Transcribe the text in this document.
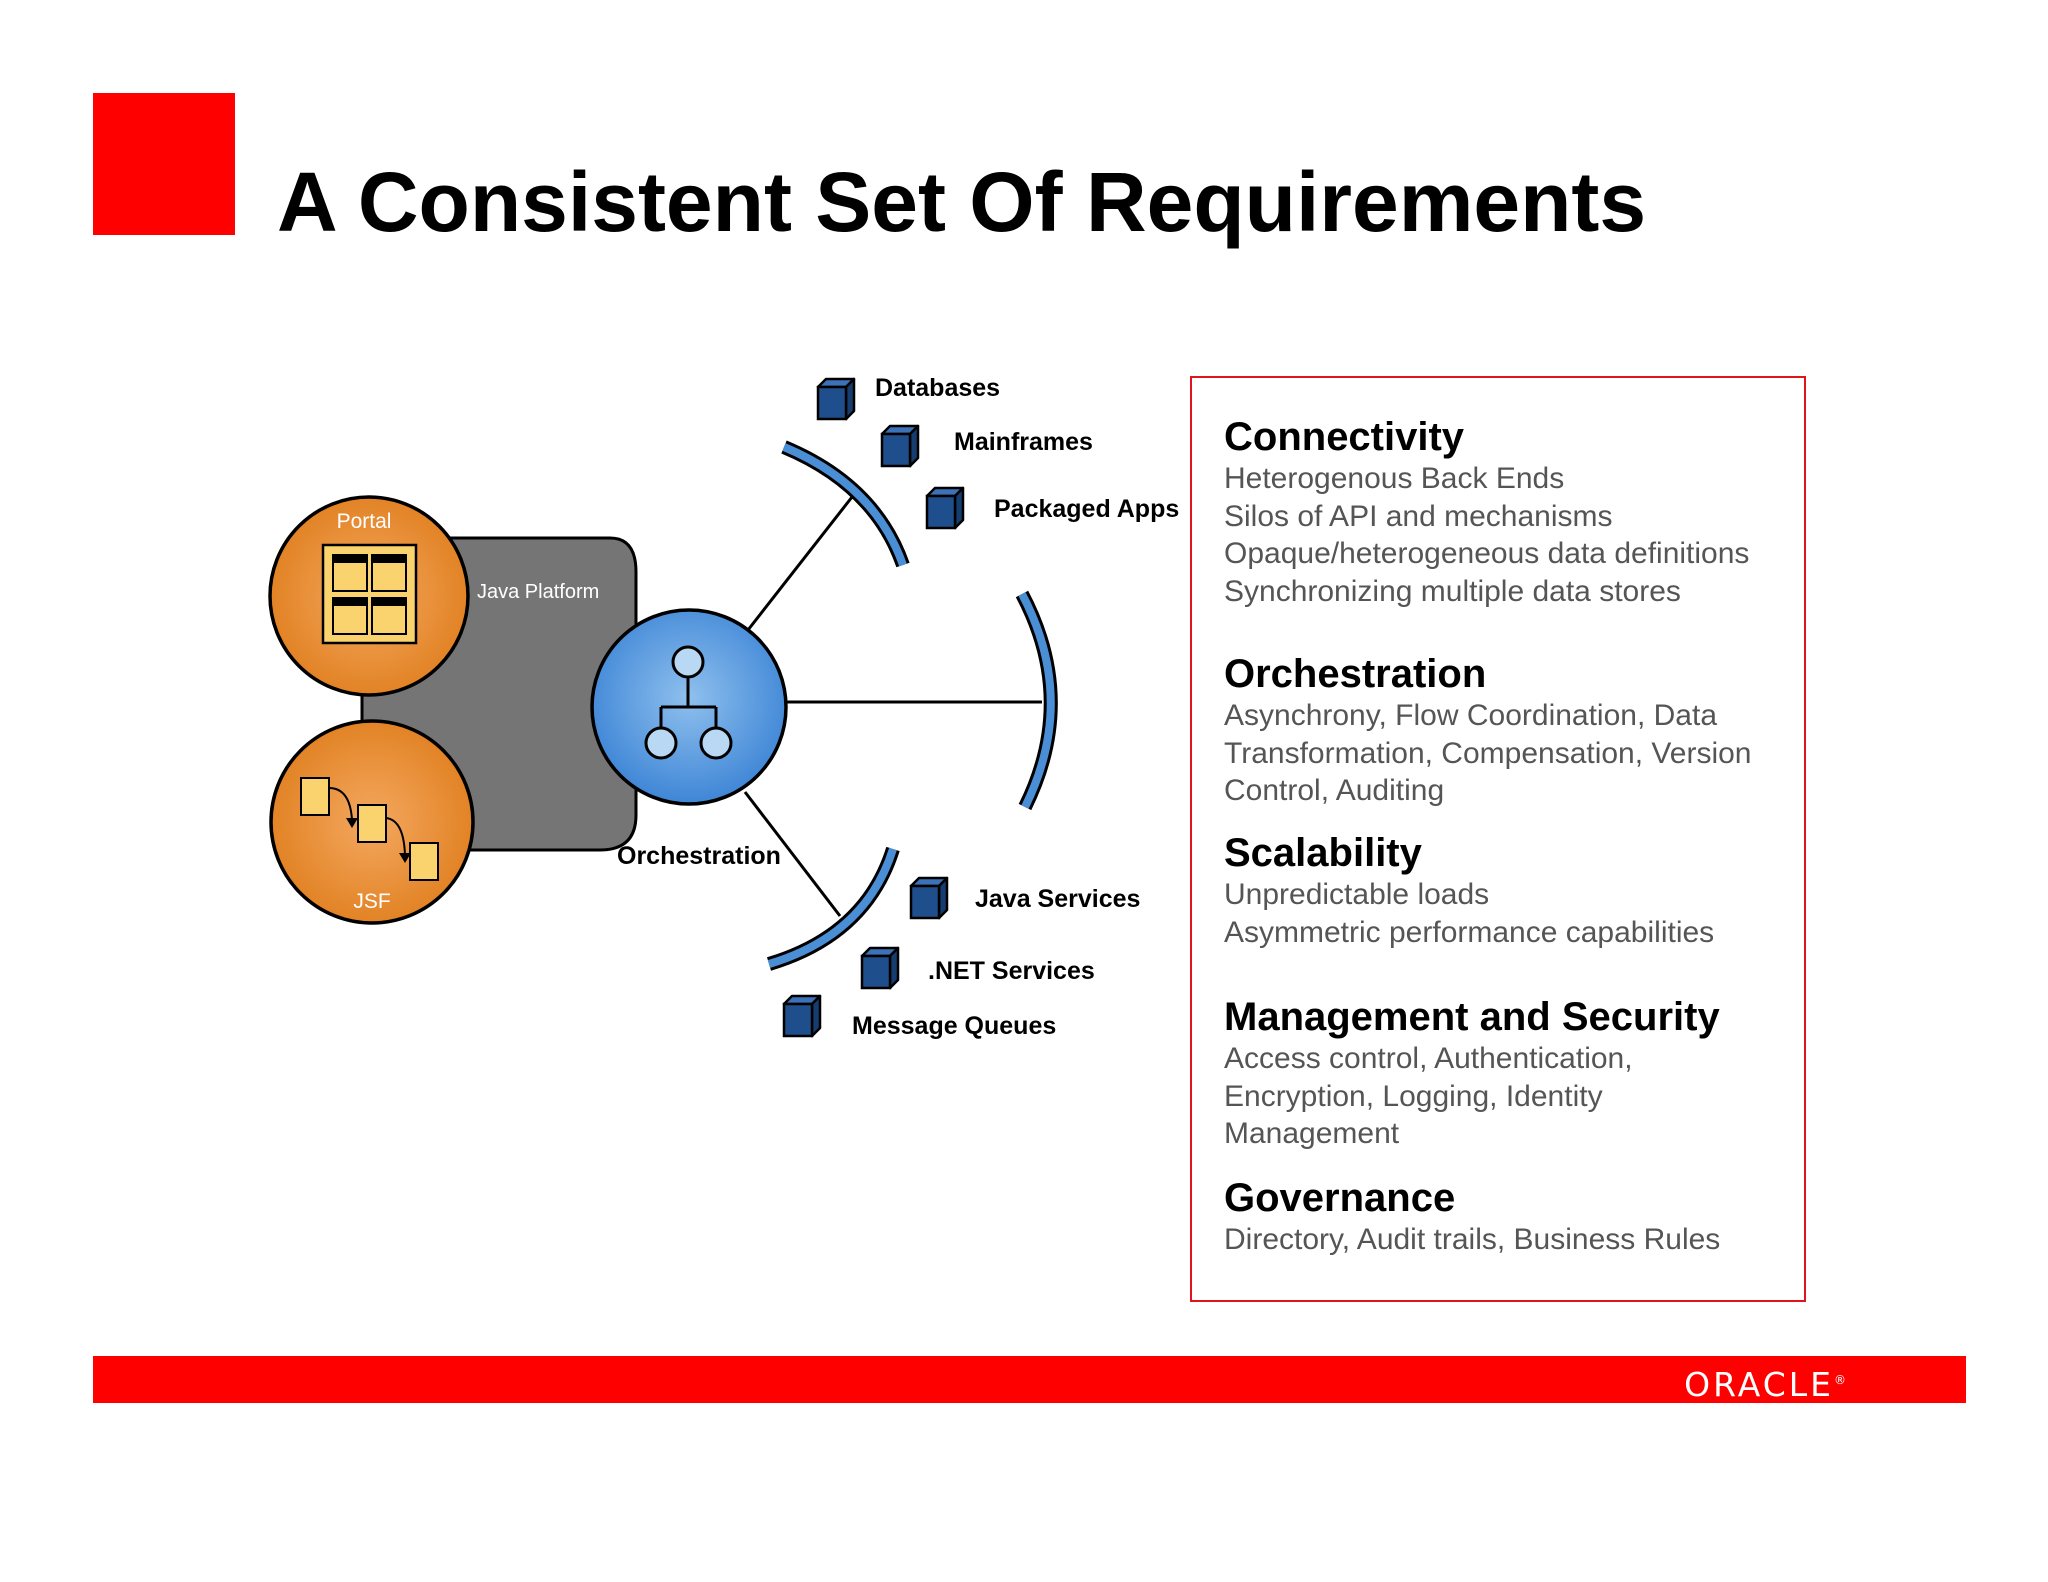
A Consistent Set Of Requirements
Java Platform
Portal
JSF
Orchestration
Databases
Mainframes
Packaged Apps
Java Services
.NET Services
Message Queues
Connectivity
Heterogenous Back Ends
Silos of API and mechanisms
Opaque/heterogeneous data definitions
Synchronizing multiple data stores
Orchestration
Asynchrony, Flow Coordination, Data
Transformation, Compensation, Version
Control, Auditing
Scalability
Unpredictable loads
Asymmetric performance capabilities
Management and Security
Access control, Authentication,
Encryption, Logging, Identity
Management
Governance
Directory, Audit trails, Business Rules
ORACLE®
